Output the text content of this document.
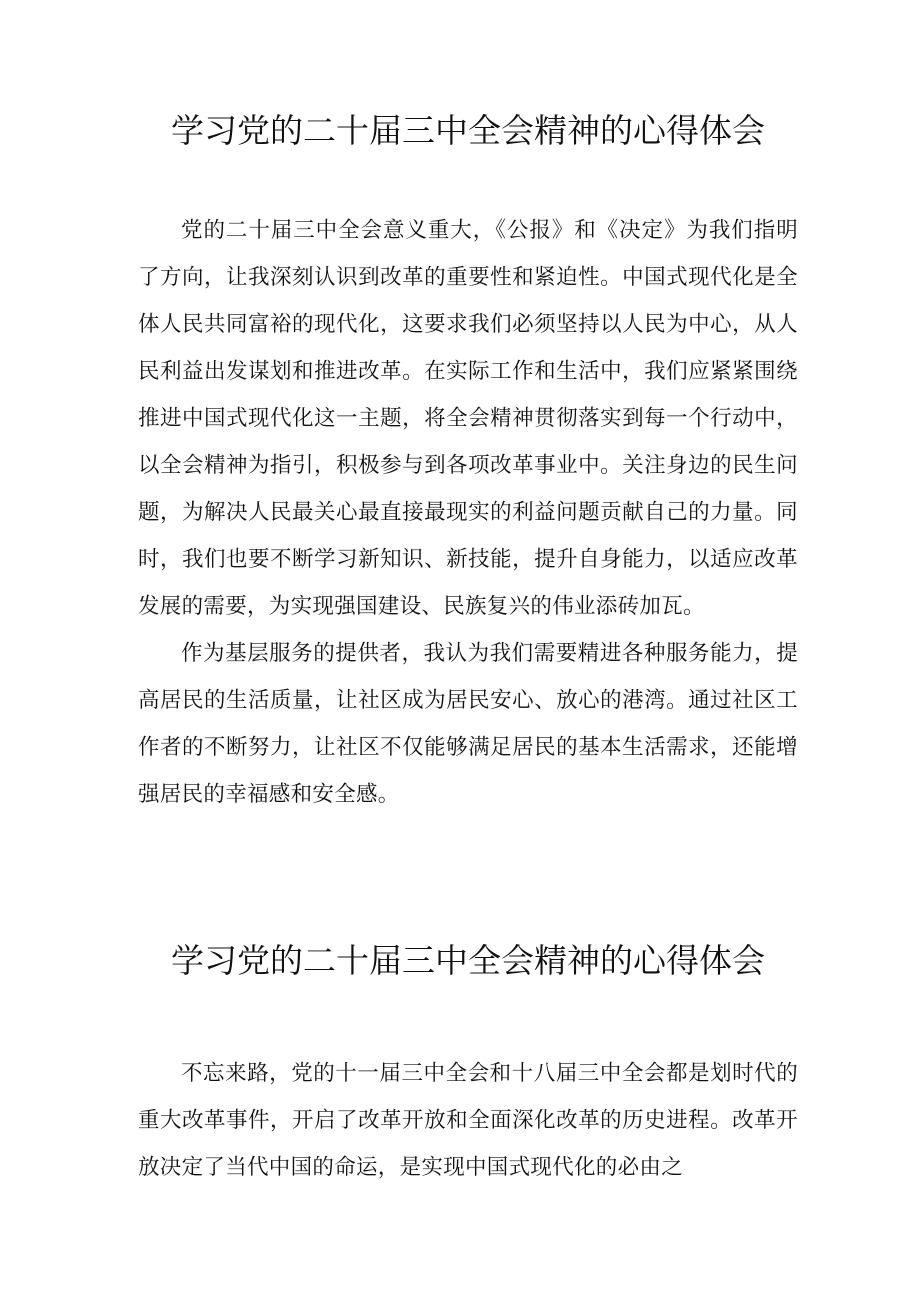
学习党的二十届三中全会精神的心得体会

党的二十届三中全会意义重大，《公报》和《决定》为我们指明了方向，让我深刻认识到改革的重要性和紧迫性。中国式现代化是全体人民共同富裕的现代化，这要求我们必须坚持以人民为中心，从人民利益出发谋划和推进改革。在实际工作和生活中，我们应紧紧围绕推进中国式现代化这一主题，将全会精神贯彻落实到每一个行动中，以全会精神为指引，积极参与到各项改革事业中。关注身边的民生问题，为解决人民最关心最直接最现实的利益问题贡献自己的力量。同时，我们也要不断学习新知识、新技能，提升自身能力，以适应改革发展的需要，为实现强国建设、民族复兴的伟业添砖加瓦。

作为基层服务的提供者，我认为我们需要精进各种服务能力，提高居民的生活质量，让社区成为居民安心、放心的港湾。通过社区工作者的不断努力，让社区不仅能够满足居民的基本生活需求，还能增强居民的幸福感和安全感。

学习党的二十届三中全会精神的心得体会

不忘来路，党的十一届三中全会和十八届三中全会都是划时代的重大改革事件，开启了改革开放和全面深化改革的历史进程。改革开放决定了当代中国的命运，是实现中国式现代化的必由之
